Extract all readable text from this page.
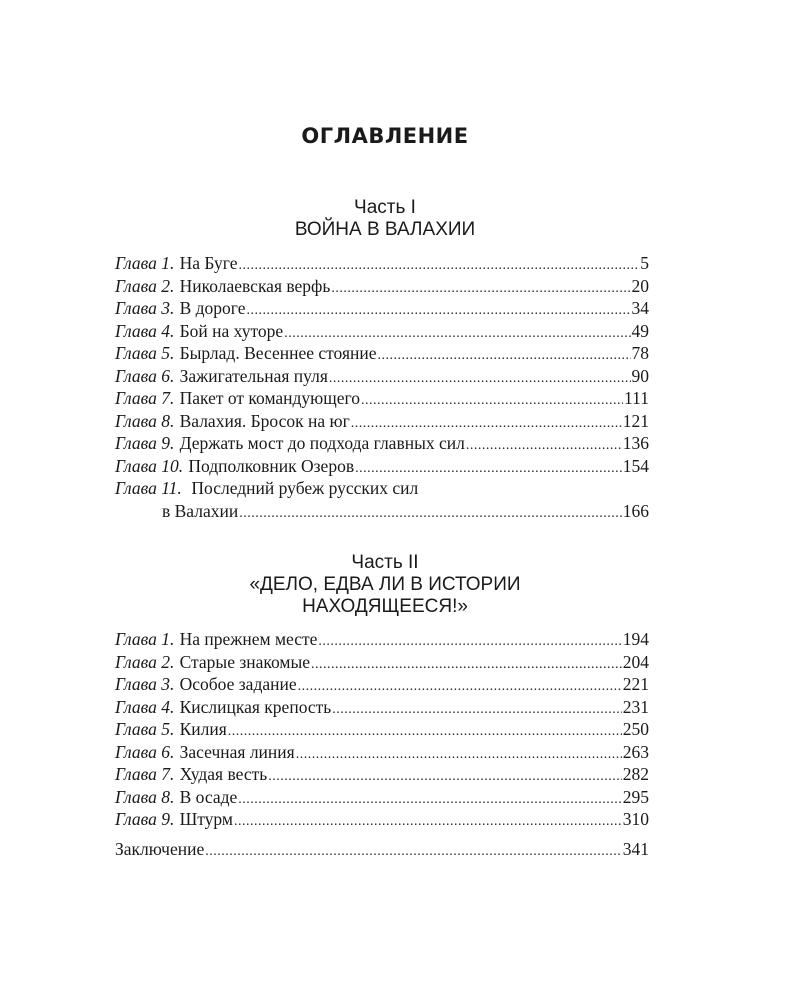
ОГЛАВЛЕНИЕ
Часть I
ВОЙНА В ВАЛАХИИ
Глава 1. На Буге .....	5
Глава 2. Николаевская верфь .....	20
Глава 3. В дороге .....	34
Глава 4. Бой на хуторе .....	49
Глава 5. Бырлад. Весеннее стояние .....	78
Глава 6. Зажигательная пуля .....	90
Глава 7. Пакет от командующего .....	111
Глава 8. Валахия. Бросок на юг .....	121
Глава 9. Держать мост до подхода главных сил .....	136
Глава 10. Подполковник Озеров .....	154
Глава 11. Последний рубеж русских сил
в Валахии .....	166
Часть II
«ДЕЛО, ЕДВА ЛИ В ИСТОРИИ
НАХОДЯЩЕЕСЯ!»
Глава 1. На прежнем месте .....	194
Глава 2. Старые знакомые .....	204
Глава 3. Особое задание .....	221
Глава 4. Кислицкая крепость .....	231
Глава 5. Килия .....	250
Глава 6. Засечная линия .....	263
Глава 7. Худая весть .....	282
Глава 8. В осаде .....	295
Глава 9. Штурм .....	310
Заключение .....	341
